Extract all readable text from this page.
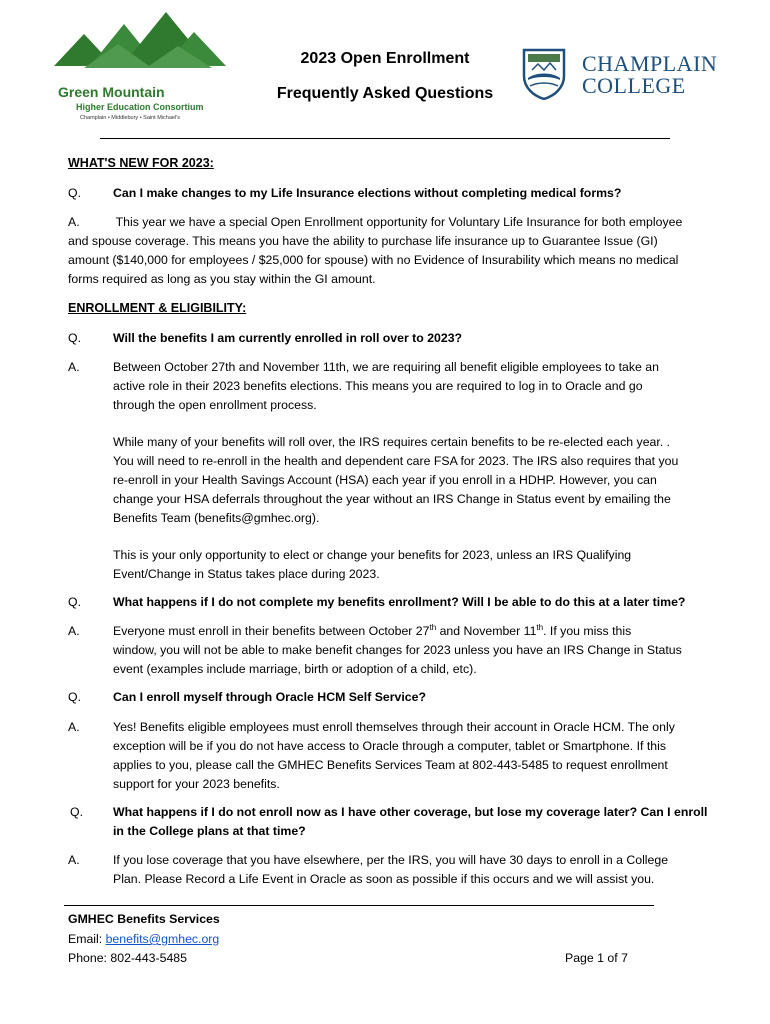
Green Mountain
Higher Education Consortium
Champlain • Middlebury • Saint Michael's
2023 Open Enrollment
Frequently Asked Questions
CHAMPLAIN
COLLEGE
WHAT'S NEW FOR 2023:
Q.	Can I make changes to my Life Insurance elections without completing medical forms?
A.	This year we have a special Open Enrollment opportunity for Voluntary Life Insurance for both employee
and spouse coverage. This means you have the ability to purchase life insurance up to Guarantee Issue (GI)
amount ($140,000 for employees / $25,000 for spouse) with no Evidence of Insurability which means no medical
forms required as long as you stay within the GI amount.
ENROLLMENT & ELIGIBILITY:
Q.	Will the benefits I am currently enrolled in roll over to 2023?
A.	Between October 27th and November 11th, we are requiring all benefit eligible employees to take an
active role in their 2023 benefits elections. This means you are required to log in to Oracle and go
through the open enrollment process.
While many of your benefits will roll over, the IRS requires certain benefits to be re-elected each year. .
You will need to re-enroll in the health and dependent care FSA for 2023. The IRS also requires that you
re-enroll in your Health Savings Account (HSA) each year if you enroll in a HDHP. However, you can
change your HSA deferrals throughout the year without an IRS Change in Status event by emailing the
Benefits Team (benefits@gmhec.org).
This is your only opportunity to elect or change your benefits for 2023, unless an IRS Qualifying
Event/Change in Status takes place during 2023.
Q.	What happens if I do not complete my benefits enrollment? Will I be able to do this at a later time?
A.	Everyone must enroll in their benefits between October 27th and November 11th. If you miss this
window, you will not be able to make benefit changes for 2023 unless you have an IRS Change in Status
event (examples include marriage, birth or adoption of a child, etc).
Q.	Can I enroll myself through Oracle HCM Self Service?
A.	Yes! Benefits eligible employees must enroll themselves through their account in Oracle HCM. The only
exception will be if you do not have access to Oracle through a computer, tablet or Smartphone. If this
applies to you, please call the GMHEC Benefits Services Team at 802-443-5485 to request enrollment
support for your 2023 benefits.
Q. What happens if I do not enroll now as I have other coverage, but lose my coverage later? Can I enroll
in the College plans at that time?
A.	If you lose coverage that you have elsewhere, per the IRS, you will have 30 days to enroll in a College
Plan. Please Record a Life Event in Oracle as soon as possible if this occurs and we will assist you.
GMHEC Benefits Services
Email: benefits@gmhec.org
Phone: 802-443-5485	Page 1 of 7
